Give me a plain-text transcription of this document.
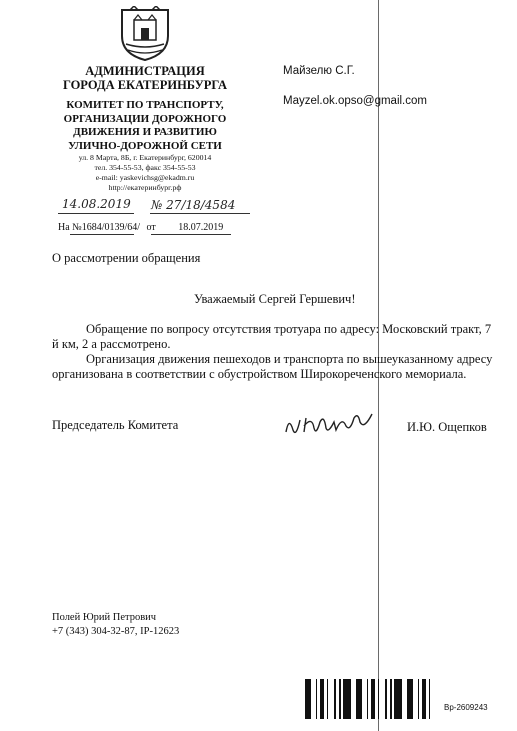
АДМИНИСТРАЦИЯ
ГОРОДА ЕКАТЕРИНБУРГА
КОМИТЕТ ПО ТРАНСПОРТУ,
ОРГАНИЗАЦИИ ДОРОЖНОГО
ДВИЖЕНИЯ И РАЗВИТИЮ
УЛИЧНО-ДОРОЖНОЙ СЕТИ
ул. 8 Марта, 8Б, г. Екатеринбург, 620014
тел. 354-55-53, факс 354-55-53
e-mail: yaskevichsg@ekadm.ru
http://екатеринбург.рф
Майзелю С.Г.
Mayzel.ok.opso@gmail.com
14.08.2019 № 27/18/4584
На №1684/0139/64/ от 18.07.2019
О рассмотрении обращения
Уважаемый Сергей Гершевич!
Обращение по вопросу отсутствия тротуара по адресу: Московский тракт, 7 й км, 2 а рассмотрено.
Организация движения пешеходов и транспорта по вышеуказанному адресу организована в соответствии с обустройством Широкореченского мемориала.
Председатель Комитета	И.Ю. Ощепков
Полей Юрий Петрович
+7 (343) 304-32-87, IP-12623
Вр-2609243
